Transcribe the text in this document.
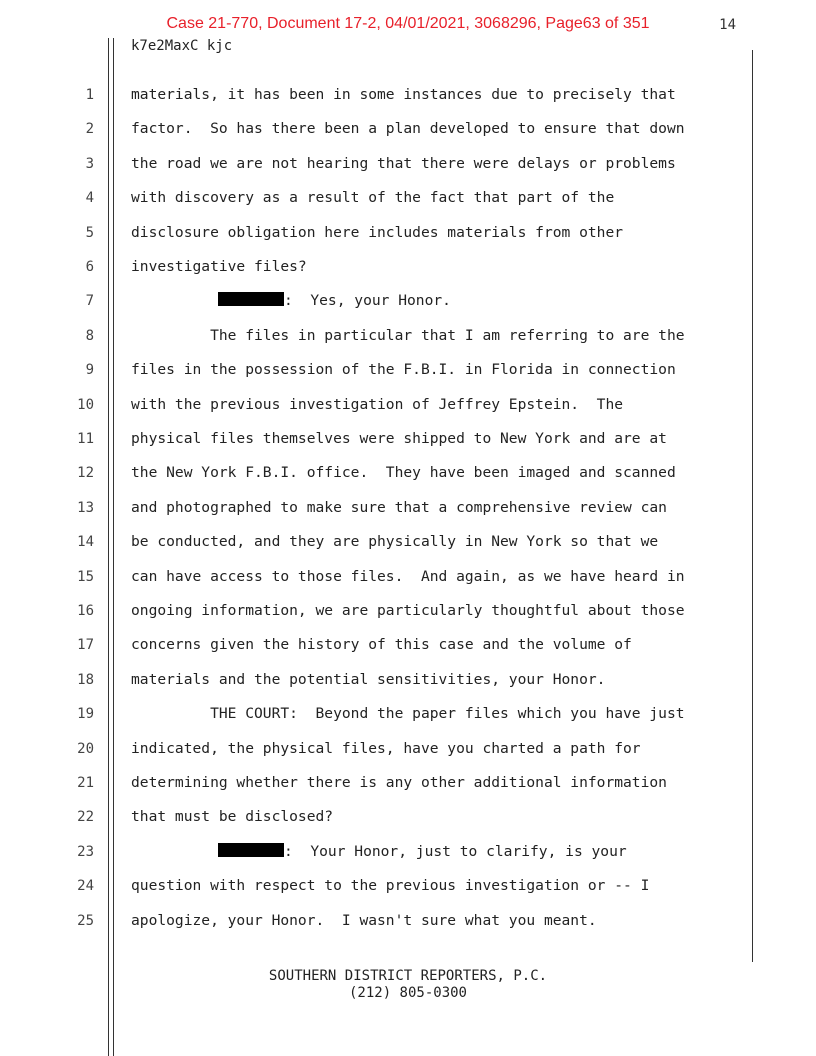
Case 21-770, Document 17-2, 04/01/2021, 3068296, Page63 of 351	14
k7e2MaxC kjc
1	materials, it has been in some instances due to precisely that
2	factor.  So has there been a plan developed to ensure that down
3	the road we are not hearing that there were delays or problems
4	with discovery as a result of the fact that part of the
5	disclosure obligation here includes materials from other
6	investigative files?
7	:  Yes, your Honor.
8	The files in particular that I am referring to are the
9	files in the possession of the F.B.I. in Florida in connection
10	with the previous investigation of Jeffrey Epstein.  The
11	physical files themselves were shipped to New York and are at
12	the New York F.B.I. office.  They have been imaged and scanned
13	and photographed to make sure that a comprehensive review can
14	be conducted, and they are physically in New York so that we
15	can have access to those files.  And again, as we have heard in
16	ongoing information, we are particularly thoughtful about those
17	concerns given the history of this case and the volume of
18	materials and the potential sensitivities, your Honor.
19	THE COURT:  Beyond the paper files which you have just
20	indicated, the physical files, have you charted a path for
21	determining whether there is any other additional information
22	that must be disclosed?
23	:  Your Honor, just to clarify, is your
24	question with respect to the previous investigation or -- I
25	apologize, your Honor.  I wasn't sure what you meant.
SOUTHERN DISTRICT REPORTERS, P.C.
(212) 805-0300
